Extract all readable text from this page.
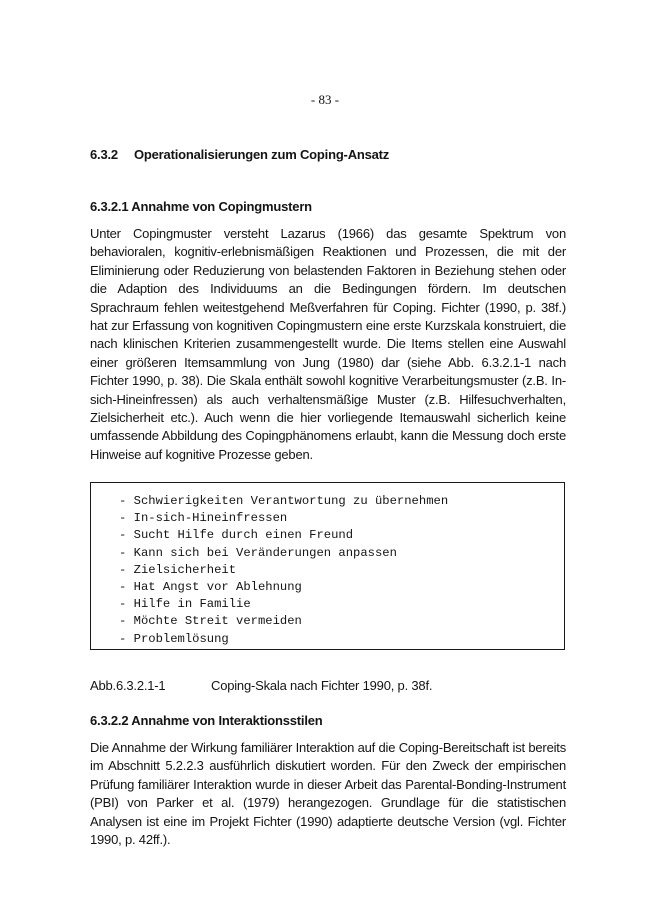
- 83 -
6.3.2 Operationalisierungen zum Coping-Ansatz
6.3.2.1 Annahme von Copingmustern
Unter Copingmuster versteht Lazarus (1966) das gesamte Spektrum von behavioralen, kognitiv-erlebnismäßigen Reaktionen und Prozessen, die mit der Eliminierung oder Reduzierung von belastenden Faktoren in Beziehung stehen oder die Adaption des Individuums an die Bedingungen fördern. Im deutschen Sprachraum fehlen weitestgehend Meßverfahren für Coping. Fichter (1990, p. 38f.) hat zur Erfassung von kognitiven Copingmustern eine erste Kurzskala konstruiert, die nach klinischen Kriterien zusammengestellt wurde. Die Items stellen eine Auswahl einer größeren Itemsammlung von Jung (1980) dar (siehe Abb. 6.3.2.1-1 nach Fichter 1990, p. 38). Die Skala enthält sowohl kognitive Verarbeitungsmuster (z.B. In-sich-Hineinfressen) als auch verhaltensmäßige Muster (z.B. Hilfesuchverhalten, Zielsicherheit etc.). Auch wenn die hier vorliegende Itemauswahl sicherlich keine umfassende Abbildung des Copingphänomens erlaubt, kann die Messung doch erste Hinweise auf kognitive Prozesse geben.
- Schwierigkeiten Verantwortung zu übernehmen
- In-sich-Hineinfressen
- Sucht Hilfe durch einen Freund
- Kann sich bei Veränderungen anpassen
- Zielsicherheit
- Hat Angst vor Ablehnung
- Hilfe in Familie
- Möchte Streit vermeiden
- Problemlösung
Abb.6.3.2.1-1	Coping-Skala nach Fichter 1990, p. 38f.
6.3.2.2 Annahme von Interaktionsstilen
Die Annahme der Wirkung familiärer Interaktion auf die Coping-Bereitschaft ist bereits im Abschnitt 5.2.2.3 ausführlich diskutiert worden. Für den Zweck der empirischen Prüfung familiärer Interaktion wurde in dieser Arbeit das Parental-Bonding-Instrument (PBI) von Parker et al. (1979) herangezogen. Grundlage für die statistischen Analysen ist eine im Projekt Fichter (1990) adaptierte deutsche Version (vgl. Fichter 1990, p. 42ff.).
